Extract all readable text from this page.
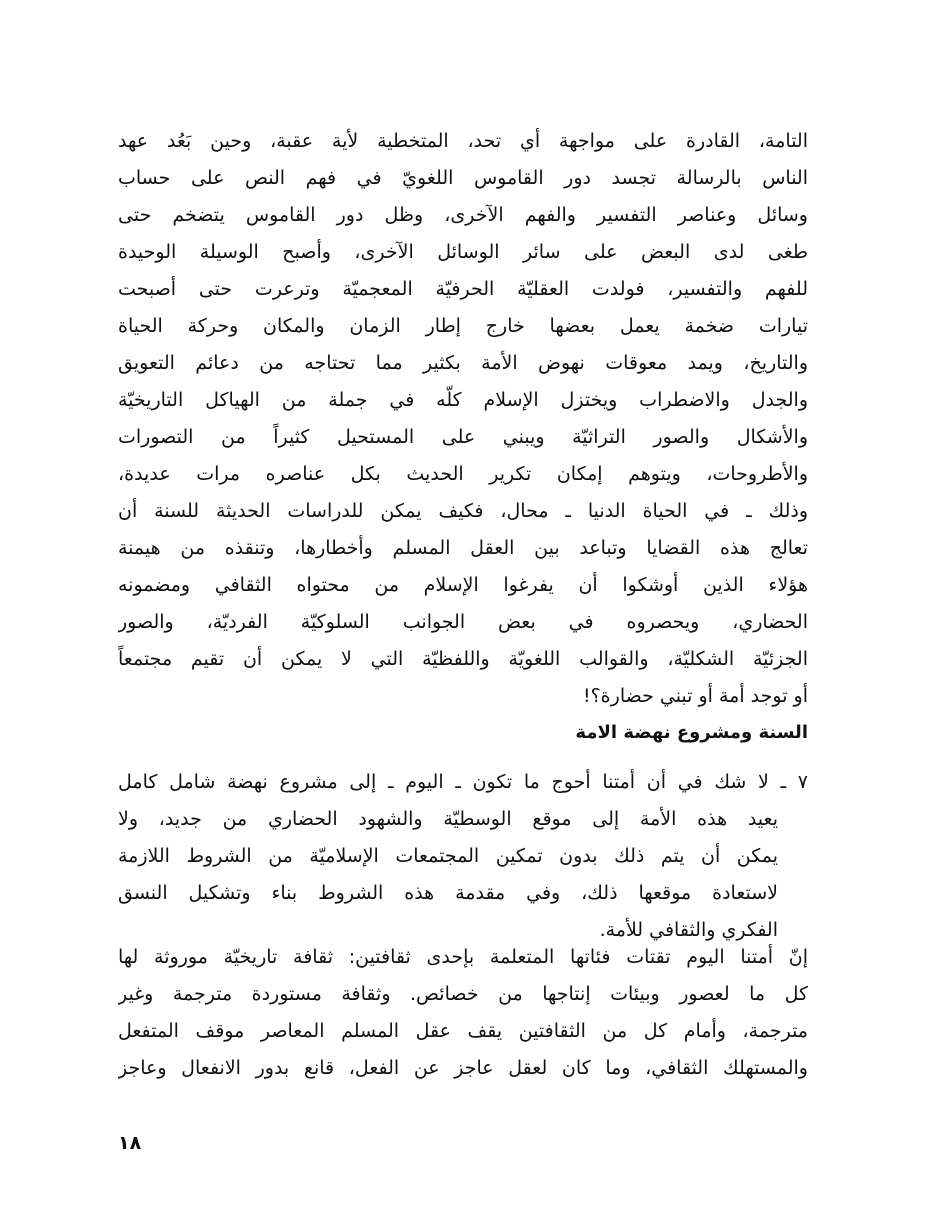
التامة، القادرة على مواجهة أي تحد، المتخطية لأية عقبة، وحين بَعُد عهد
الناس بالرسالة تجسد دور القاموس اللغويّ في فهم النص على حساب
وسائل وعناصر التفسير والفهم الآخرى، وظل دور القاموس يتضخم حتى
طغى لدى البعض على سائر الوسائل الآخرى، وأصبح الوسيلة الوحيدة
للفهم والتفسير، فولدت العقليّة الحرفيّة المعجميّة وترعرت حتى أصبحت
تيارات ضخمة يعمل بعضها خارج إطار الزمان والمكان وحركة الحياة
والتاريخ، ويمد معوقات نهوض الأمة بكثير مما تحتاجه من دعائم التعويق
والجدل والاضطراب ويختزل الإسلام كلّه في جملة من الهياكل التاريخيّة
والأشكال والصور التراثيّة ويبني على المستحيل كثيراً من التصورات
والأطروحات، ويتوهم إمكان تكرير الحديث بكل عناصره مرات عديدة،
وذلك ـ في الحياة الدنيا ـ محال، فكيف يمكن للدراسات الحديثة للسنة أن
تعالج هذه القضايا وتباعد بين العقل المسلم وأخطارها، وتنقذه من هيمنة
هؤلاء الذين أوشكوا أن يفرغوا الإسلام من محتواه الثقافي ومضمونه
الحضاري، ويحصروه في بعض الجوانب السلوكيّة الفرديّة، والصور
الجزئيّة الشكليّة، والقوالب اللغويّة واللفظيّة التي لا يمكن أن تقيم مجتمعاً
أو توجد أمة أو تبني حضارة؟!
السنة ومشروع نهضة الامة
٧ ـ لا شك في أن أمتنا أحوج ما تكون ـ اليوم ـ إلى مشروع نهضة شامل كامل
يعيد هذه الأمة إلى موقع الوسطيّة والشهود الحضاري من جديد، ولا
يمكن أن يتم ذلك بدون تمكين المجتمعات الإسلاميّة من الشروط اللازمة
لاستعادة موقعها ذلك، وفي مقدمة هذه الشروط بناء وتشكيل النسق
الفكري والثقافي للأمة.
إنّ أمتنا اليوم تقتات فئاتها المتعلمة بإحدى ثقافتين: ثقافة تاريخيّة موروثة لها
كل ما لعصور وبيئات إنتاجها من خصائص. وثقافة مستوردة مترجمة وغير
مترجمة، وأمام كل من الثقافتين يقف عقل المسلم المعاصر موقف المتفعل
والمستهلك الثقافي، وما كان لعقل عاجز عن الفعل، قانع بدور الانفعال وعاجز
١٨
